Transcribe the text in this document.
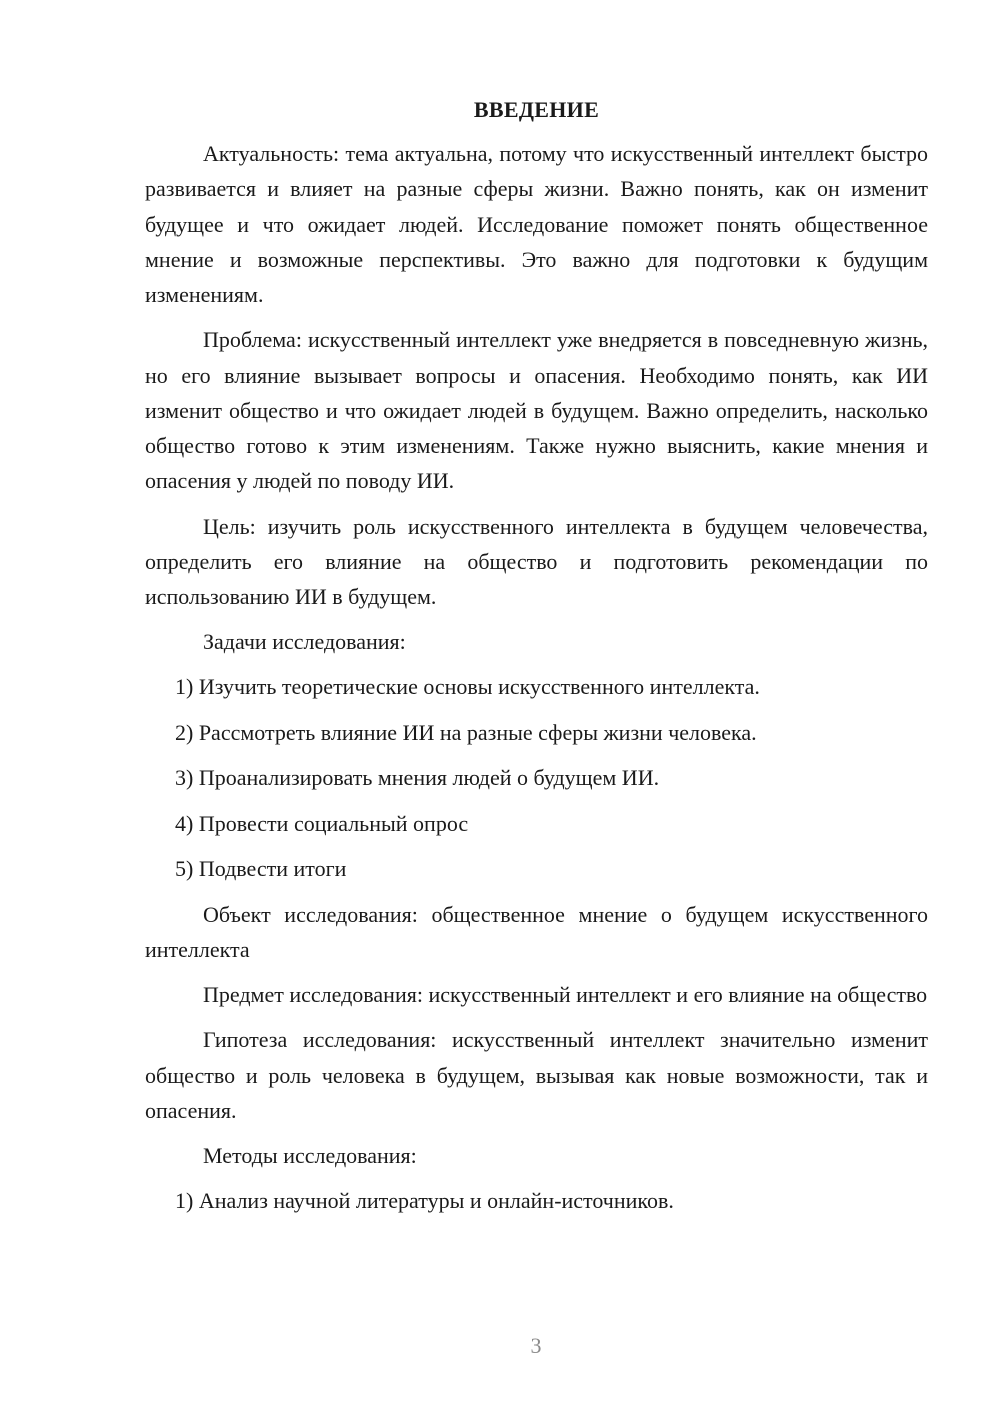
ВВЕДЕНИЕ

Актуальность: тема актуальна, потому что искусственный интеллект быстро развивается и влияет на разные сферы жизни. Важно понять, как он изменит будущее и что ожидает людей. Исследование поможет понять общественное мнение и возможные перспективы. Это важно для подготовки к будущим изменениям.

Проблема: искусственный интеллект уже внедряется в повседневную жизнь, но его влияние вызывает вопросы и опасения. Необходимо понять, как ИИ изменит общество и что ожидает людей в будущем. Важно определить, насколько общество готово к этим изменениям. Также нужно выяснить, какие мнения и опасения у людей по поводу ИИ.

Цель: изучить роль искусственного интеллекта в будущем человечества, определить его влияние на общество и подготовить рекомендации по использованию ИИ в будущем.

Задачи исследования:

1) Изучить теоретические основы искусственного интеллекта.
2) Рассмотреть влияние ИИ на разные сферы жизни человека.
3) Проанализировать мнения людей о будущем ИИ.
4) Провести социальный опрос
5) Подвести итоги

Объект исследования: общественное мнение о будущем искусственного интеллекта

Предмет исследования: искусственный интеллект и его влияние на общество

Гипотеза исследования: искусственный интеллект значительно изменит общество и роль человека в будущем, вызывая как новые возможности, так и опасения.

Методы исследования:

1) Анализ научной литературы и онлайн-источников.
3
